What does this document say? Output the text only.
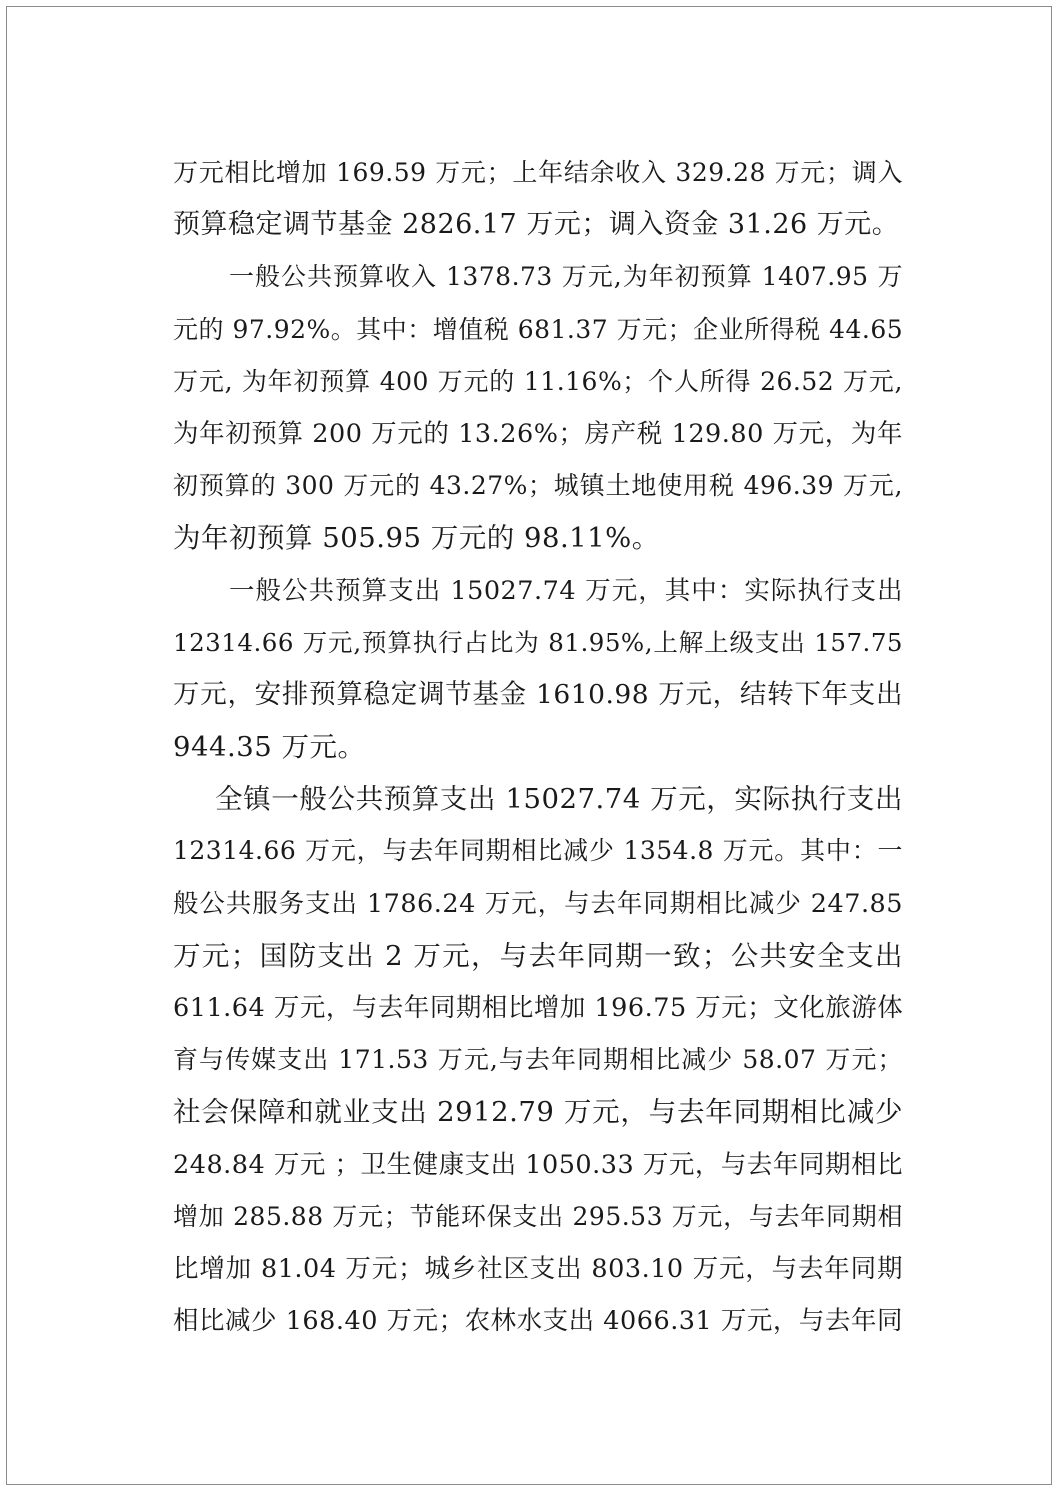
万元相比增加 169.59 万元；上年结余收入 329.28 万元；调入
预算稳定调节基金 2826.17 万元；调入资金 31.26 万元。
一般公共预算收入 1378.73 万元,为年初预算 1407.95 万
元的 97.92%。其中：增值税 681.37 万元；企业所得税 44.65
万元, 为年初预算 400 万元的 11.16%；个人所得 26.52 万元,
为年初预算 200 万元的 13.26%；房产税 129.80 万元，为年
初预算的 300 万元的 43.27%；城镇土地使用税 496.39 万元,
为年初预算 505.95 万元的 98.11%。
一般公共预算支出 15027.74 万元，其中：实际执行支出
12314.66 万元,预算执行占比为 81.95%,上解上级支出 157.75
万元，安排预算稳定调节基金 1610.98 万元，结转下年支出
944.35 万元。
全镇一般公共预算支出 15027.74 万元，实际执行支出
12314.66 万元，与去年同期相比减少 1354.8 万元。其中：一
般公共服务支出 1786.24 万元，与去年同期相比减少 247.85
万元；国防支出 2 万元，与去年同期一致；公共安全支出
611.64 万元，与去年同期相比增加 196.75 万元；文化旅游体
育与传媒支出 171.53 万元,与去年同期相比减少 58.07 万元；
社会保障和就业支出 2912.79 万元，与去年同期相比减少
248.84 万元 ；卫生健康支出 1050.33 万元，与去年同期相比
增加 285.88 万元；节能环保支出 295.53 万元，与去年同期相
比增加 81.04 万元；城乡社区支出 803.10 万元，与去年同期
相比减少 168.40 万元；农林水支出 4066.31 万元，与去年同
